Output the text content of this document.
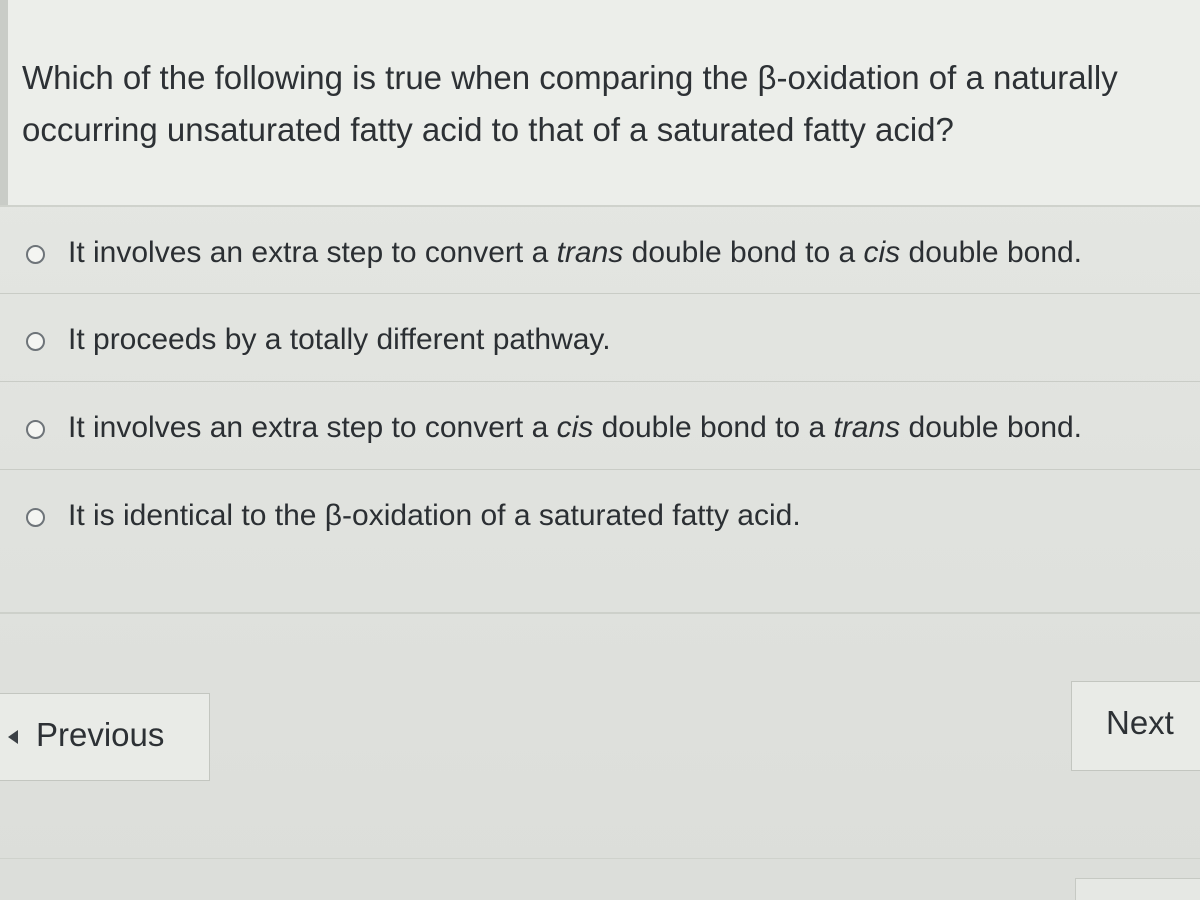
Which of the following is true when comparing the β-oxidation of a naturally occurring unsaturated fatty acid to that of a saturated fatty acid?
It involves an extra step to convert a trans double bond to a cis double bond.
It proceeds by a totally different pathway.
It involves an extra step to convert a cis double bond to a trans double bond.
It is identical to the β-oxidation of a saturated fatty acid.
Previous	Next
